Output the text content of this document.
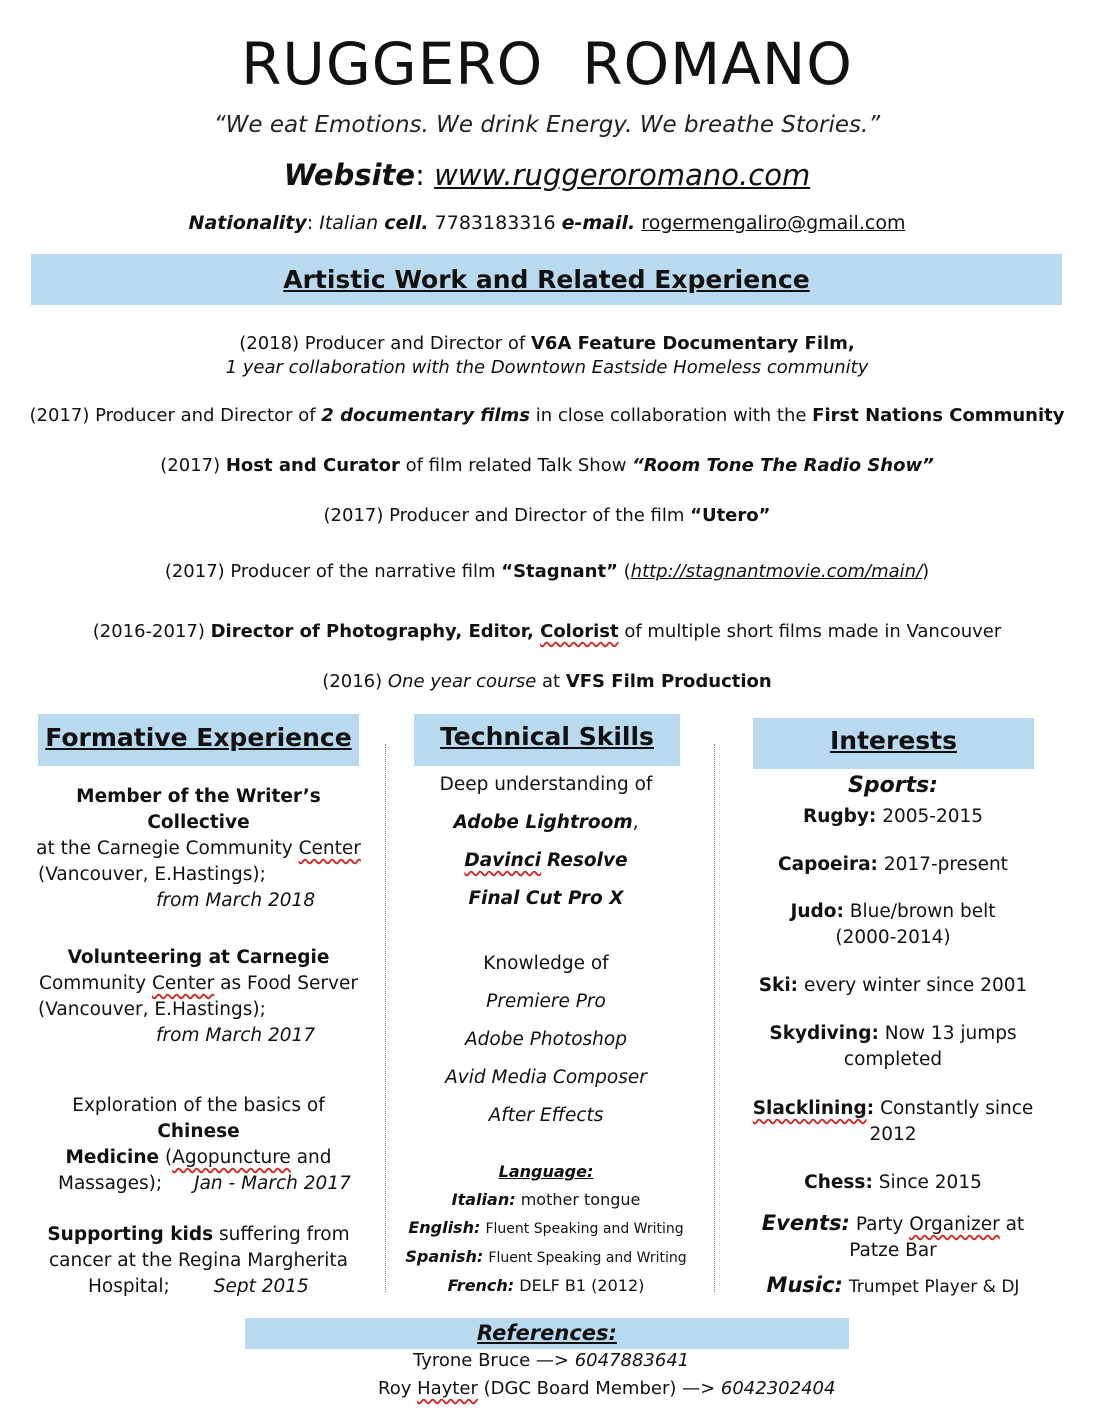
RUGGERO ROMANO
“We eat Emotions. We drink Energy. We breathe Stories.”
Website: www.ruggeroromano.com
Nationality: Italian cell. 7783183316 e-mail. rogermengaliro@gmail.com
Artistic Work and Related Experience
(2018) Producer and Director of V6A Feature Documentary Film,
1 year collaboration with the Downtown Eastside Homeless community
(2017) Producer and Director of 2 documentary films in close collaboration with the First Nations Community
(2017) Host and Curator of film related Talk Show “Room Tone The Radio Show”
(2017) Producer and Director of the film “Utero”
(2017) Producer of the narrative film “Stagnant” (http://stagnantmovie.com/main/)
(2016-2017) Director of Photography, Editor, Colorist of multiple short films made in Vancouver
(2016) One year course at VFS Film Production
Formative Experience	Technical Skills	Interests
Member of the Writer’s Collective
at the Carnegie Community Center
(Vancouver, E.Hastings);
from March 2018
Volunteering at Carnegie
Community Center as Food Server
(Vancouver, E.Hastings);
from March 2017
Exploration of the basics of Chinese
Medicine (Agopuncture and
Massages); Jan - March 2017
Supporting kids suffering from
cancer at the Regina Margherita
Hospital; Sept 2015
Deep understanding of
Adobe Lightroom,
Davinci Resolve
Final Cut Pro X
Knowledge of
Premiere Pro
Adobe Photoshop
Avid Media Composer
After Effects
Language:
Italian: mother tongue
English: Fluent Speaking and Writing
Spanish: Fluent Speaking and Writing
French: DELF B1 (2012)
Sports:
Rugby: 2005-2015
Capoeira: 2017-present
Judo: Blue/brown belt
(2000-2014)
Ski: every winter since 2001
Skydiving: Now 13 jumps
completed
Slacklining: Constantly since
2012
Chess: Since 2015
Events: Party Organizer at
Patze Bar
Music: Trumpet Player & DJ
References:
Tyrone Bruce —> 6047883641
Roy Hayter (DGC Board Member) —> 6042302404
